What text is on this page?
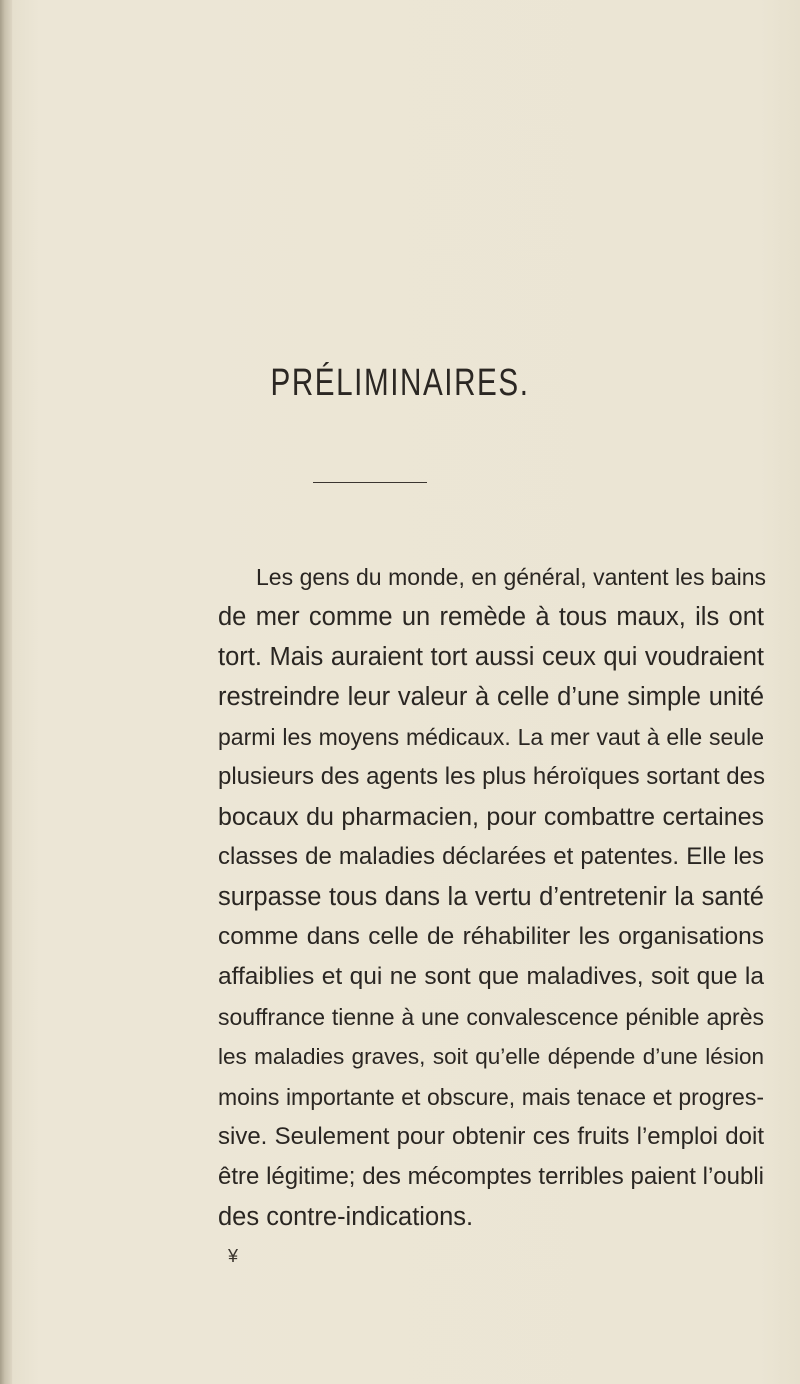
PRÉLIMINAIRES.
Les gens du monde, en général, vantent les bains
de mer comme un remède à tous maux, ils ont
tort. Mais auraient tort aussi ceux qui voudraient
restreindre leur valeur à celle d’une simple unité
parmi les moyens médicaux. La mer vaut à elle seule
plusieurs des agents les plus héroïques sortant des
bocaux du pharmacien, pour combattre certaines
classes de maladies déclarées et patentes. Elle les
surpasse tous dans la vertu d’entretenir la santé
comme dans celle de réhabiliter les organisations
affaiblies et qui ne sont que maladives, soit que la
souffrance tienne à une convalescence pénible après
les maladies graves, soit qu’elle dépende d’une lésion
moins importante et obscure, mais tenace et progres-
sive. Seulement pour obtenir ces fruits l’emploi doit
être légitime; des mécomptes terribles paient l’oubli
des contre-indications.
¥
